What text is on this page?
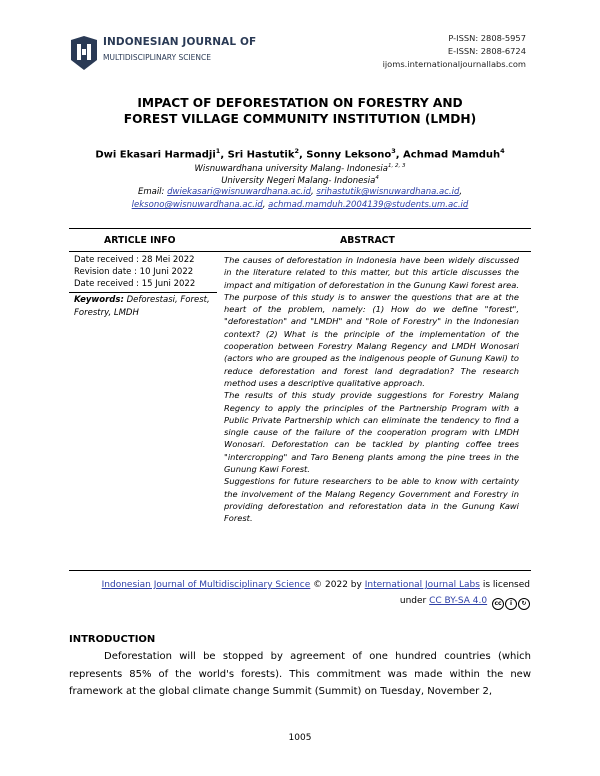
INDONESIAN JOURNAL OF
MULTIDISCIPLINARY SCIENCE
P-ISSN: 2808-5957
E-ISSN: 2808-6724
ijoms.internationaljournallabs.com
IMPACT OF DEFORESTATION ON FORESTRY AND
FOREST VILLAGE COMMUNITY INSTITUTION (LMDH)
Dwi Ekasari Harmadji$^1$, Sri Hastutik$^2$, Sonny Leksono$^3$, Achmad Mamduh$^4$
Wisnuwardhana university Malang- Indonesia$^{1, 2, 3}$
University Negeri Malang- Indonesia$^4$
Email: dwiekasari@wisnuwardhana.ac.id, srihastutik@wisnuwardhana.ac.id,
leksono@wisnuwardhana.ac.id, achmad.mamduh.2004139@students.um.ac.id
ARTICLE INFO	ABSTRACT
Date received : 28 Mei 2022
Revision date : 10 Juni 2022
Date received : 15 Juni 2022
Keywords: Deforestasi, Forest, Forestry, LMDH

The causes of deforestation in Indonesia have been widely discussed in the literature related to this matter, but this article discusses the impact and mitigation of deforestation in the Gunung Kawi forest area. The purpose of this study is to answer the questions that are at the heart of the problem, namely: (1) How do we define "forest", "deforestation" and "LMDH" and "Role of Forestry" in the Indonesian context? (2) What is the principle of the implementation of the cooperation between Forestry Malang Regency and LMDH Wonosari (actors who are grouped as the indigenous people of Gunung Kawi) to reduce deforestation and forest land degradation? The research method uses a descriptive qualitative approach.

The results of this study provide suggestions for Forestry Malang Regency to apply the principles of the Partnership Program with a Public Private Partnership which can eliminate the tendency to find a single cause of the failure of the cooperation program with LMDH Wonosari. Deforestation can be tackled by planting coffee trees "intercropping" and Taro Beneng plants among the pine trees in the Gunung Kawi Forest.

Suggestions for future researchers to be able to know with certainty the involvement of the Malang Regency Government and Forestry in providing deforestation and reforestation data in the Gunung Kawi Forest.

Indonesian Journal of Multidisciplinary Science © 2022 by International Journal Labs is licensed
under CC BY-SA 4.0	cc	i	↻
INTRODUCTION

Deforestation will be stopped by agreement of one hundred countries (which represents 85% of the world's forests). This commitment was made within the new framework at the global climate change Summit (Summit) on Tuesday, November 2,

1005
